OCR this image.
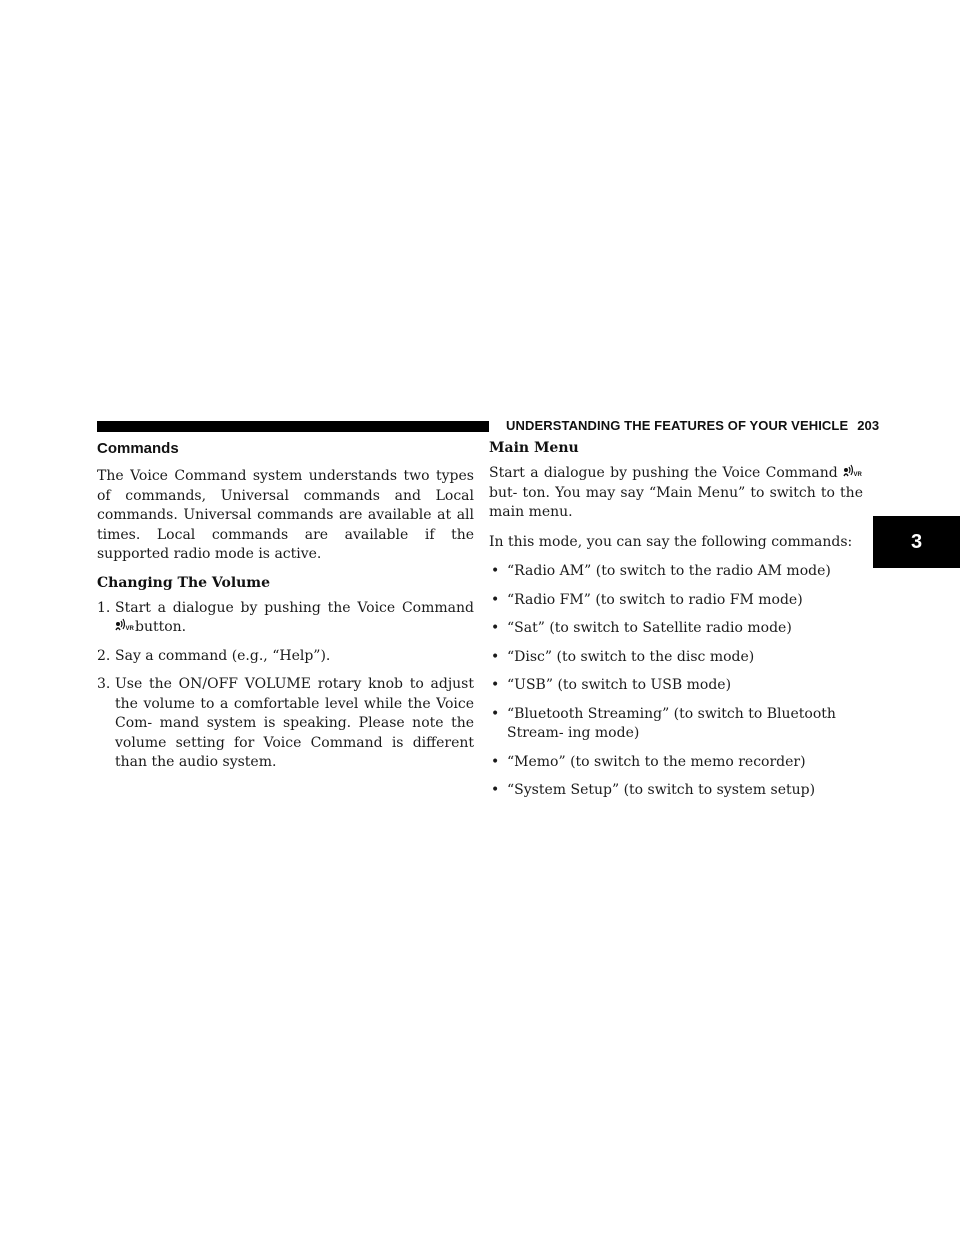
UNDERSTANDING THE FEATURES OF YOUR VEHICLE 203
3
Commands

The Voice Command system understands two types of commands, Universal commands and Local commands. Universal commands are available at all times. Local commands are available if the supported radio mode is active.

Changing The Volume
1. Start a dialogue by pushing the Voice Command
VR button.
2. Say a command (e.g., “Help”).
3. Use the ON/OFF VOLUME rotary knob to adjust the volume to a comfortable level while the Voice Com- mand system is speaking. Please note the volume setting for Voice Command is different than the audio system.
Main Menu

Start a dialogue by pushing the Voice Command VR
but- ton. You may say “Main Menu” to switch to the main menu.

In this mode, you can say the following commands:

• “Radio AM” (to switch to the radio AM mode)
• “Radio FM” (to switch to radio FM mode)
• “Sat” (to switch to Satellite radio mode)
• “Disc” (to switch to the disc mode)
• “USB” (to switch to USB mode)
• “Bluetooth Streaming” (to switch to Bluetooth Stream- ing mode)
• “Memo” (to switch to the memo recorder)
• “System Setup” (to switch to system setup)
